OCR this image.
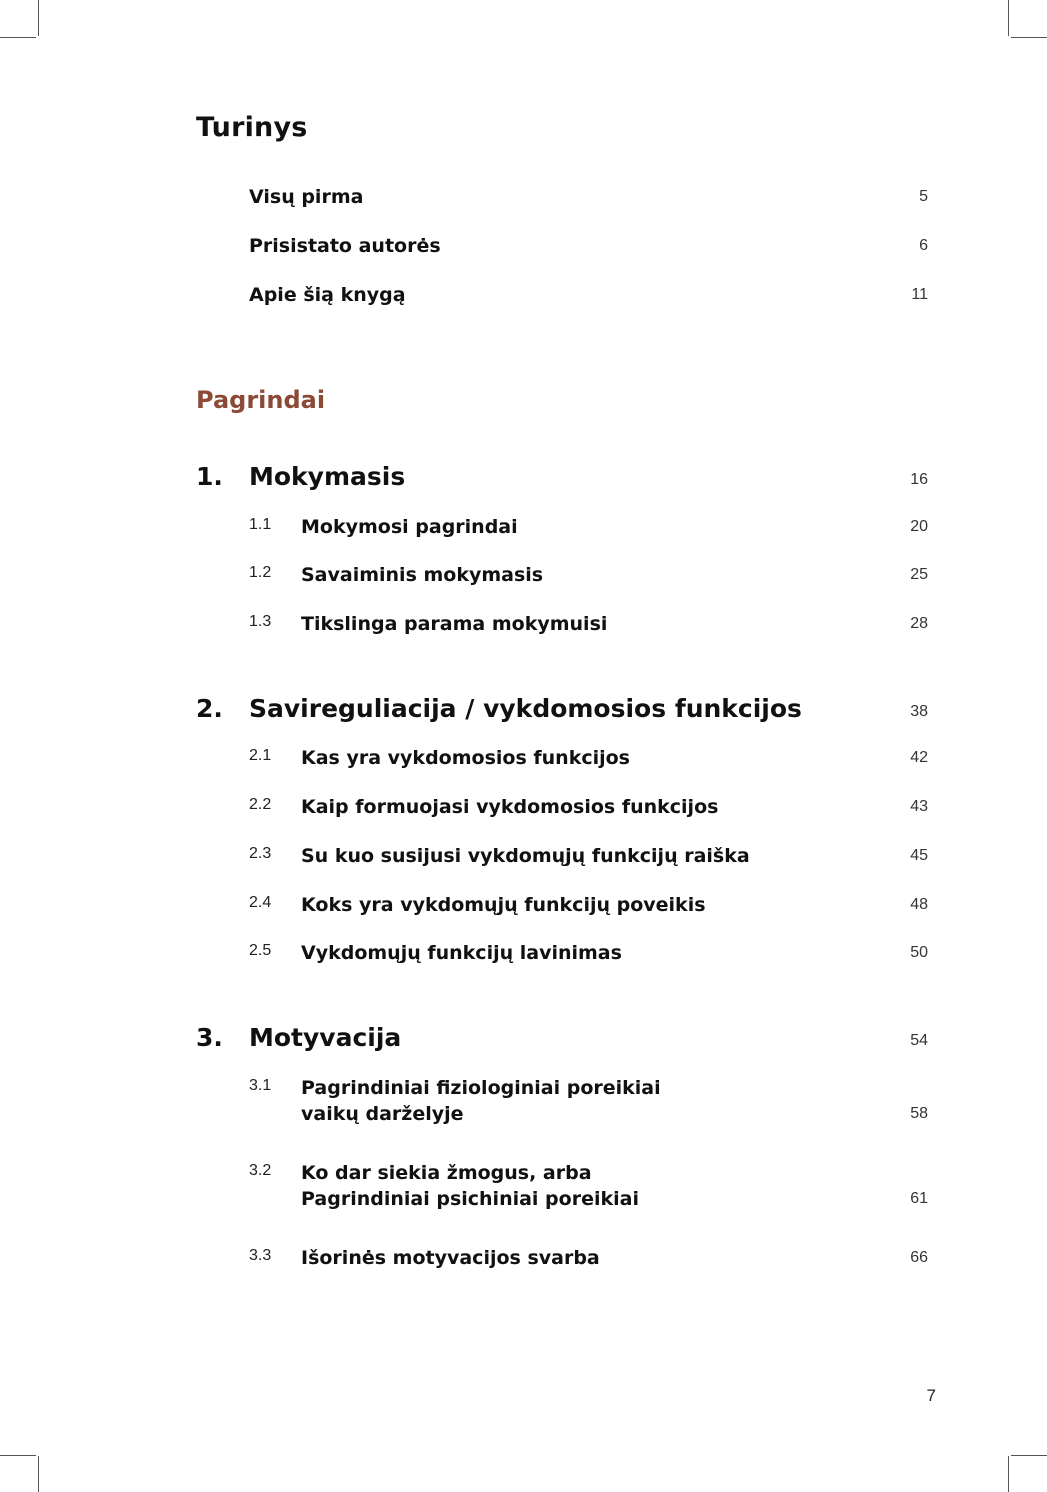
Turinys
Visų pirma	5
Prisistato autorės	6
Apie šią knygą	11
Pagrindai
1. Mokymasis	16
1.1 Mokymosi pagrindai	20
1.2 Savaiminis mokymasis	25
1.3 Tikslinga parama mokymuisi	28
2. Savireguliacija / vykdomosios funkcijos	38
2.1 Kas yra vykdomosios funkcijos	42
2.2 Kaip formuojasi vykdomosios funkcijos	43
2.3 Su kuo susijusi vykdomųjų funkcijų raiška	45
2.4 Koks yra vykdomųjų funkcijų poveikis	48
2.5 Vykdomųjų funkcijų lavinimas	50
3. Motyvacija	54
3.1 Pagrindiniai fiziologiniai poreikiai
vaikų darželyje	58
3.2 Ko dar siekia žmogus, arba
Pagrindiniai psichiniai poreikiai	61
3.3 Išorinės motyvacijos svarba	66
7
